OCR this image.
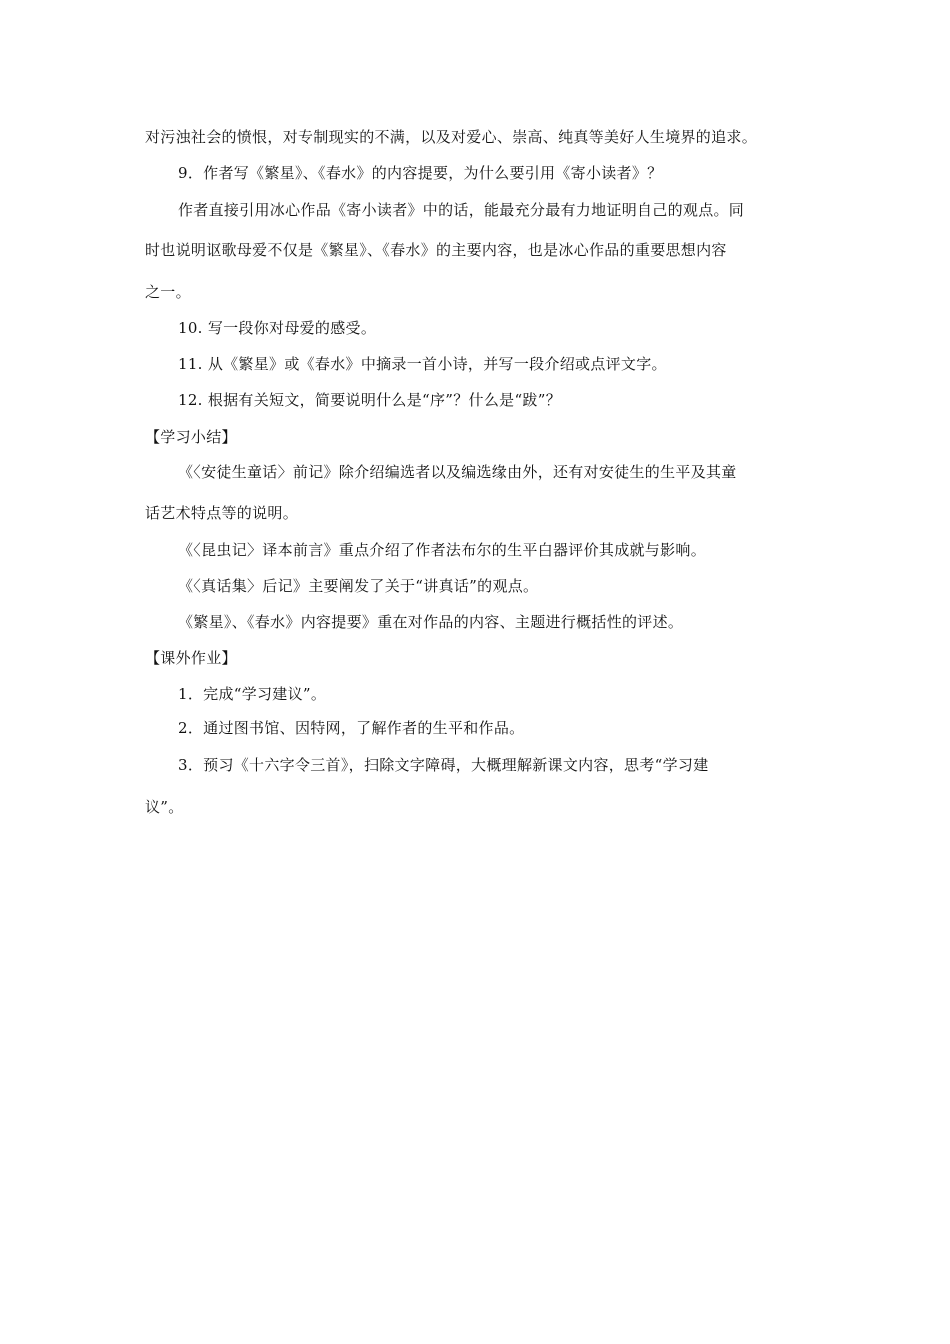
对污浊社会的愤恨，对专制现实的不满，以及对爱心、崇高、纯真等美好人生境界的追求。
9．作者写《繁星》、《春水》的内容提要，为什么要引用《寄小读者》？
作者直接引用冰心作品《寄小读者》中的话，能最充分最有力地证明自己的观点。同
时也说明讴歌母爱不仅是《繁星》、《春水》的主要内容，也是冰心作品的重要思想内容
之一。
10. 写一段你对母爱的感受。
11. 从《繁星》或《春水》中摘录一首小诗，并写一段介绍或点评文字。
12. 根据有关短文，简要说明什么是“序”？什么是“跋”？
【学习小结】
《〈安徒生童话〉前记》除介绍编选者以及编选缘由外，还有对安徒生的生平及其童
话艺术特点等的说明。
《〈昆虫记〉译本前言》重点介绍了作者法布尔的生平白器评价其成就与影响。
《〈真话集〉后记》主要阐发了关于“讲真话”的观点。
《繁星》、《春水》内容提要》重在对作品的内容、主题进行概括性的评述。
【课外作业】
1．完成“学习建议”。
2．通过图书馆、因特网，了解作者的生平和作品。
3．预习《十六字令三首》，扫除文字障碍，大概理解新课文内容，思考“学习建
议”。
